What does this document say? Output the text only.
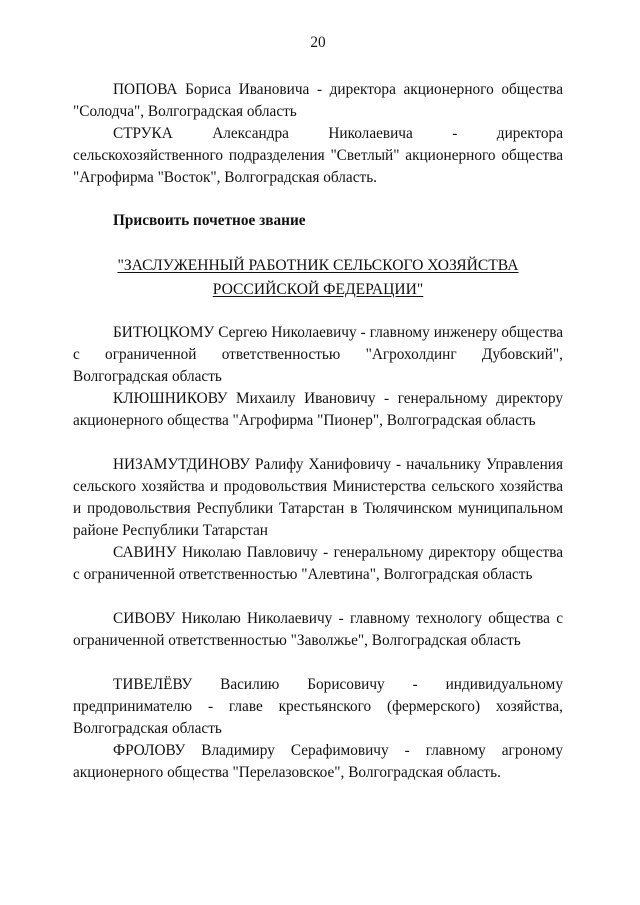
20

ПОПОВА Бориса Ивановича - директора акционерного общества "Солодча", Волгоградская область

СТРУКА Александра Николаевича - директора сельскохозяйственного подразделения "Светлый" акционерного общества "Агрофирма "Восток", Волгоградская область.

Присвоить почетное звание
"ЗАСЛУЖЕННЫЙ РАБОТНИК СЕЛЬСКОГО ХОЗЯЙСТВА
РОССИЙСКОЙ ФЕДЕРАЦИИ"

БИТЮЦКОМУ Сергею Николаевичу - главному инженеру общества с ограниченной ответственностью "Агрохолдинг Дубовский", Волгоградская область

КЛЮШНИКОВУ Михаилу Ивановичу - генеральному директору акционерного общества "Агрофирма "Пионер", Волгоградская область

НИЗАМУТДИНОВУ Ралифу Ханифовичу - начальнику Управления сельского хозяйства и продовольствия Министерства сельского хозяйства и продовольствия Республики Татарстан в Тюлячинском муниципальном районе Республики Татарстан

САВИНУ Николаю Павловичу - генеральному директору общества с ограниченной ответственностью "Алевтина", Волгоградская область

СИВОВУ Николаю Николаевичу - главному технологу общества с ограниченной ответственностью "Заволжье", Волгоградская область

ТИВЕЛЁВУ Василию Борисовичу - индивидуальному предпринимателю - главе крестьянского (фермерского) хозяйства, Волгоградская область

ФРОЛОВУ Владимиру Серафимовичу - главному агроному акционерного общества "Перелазовское", Волгоградская область.
